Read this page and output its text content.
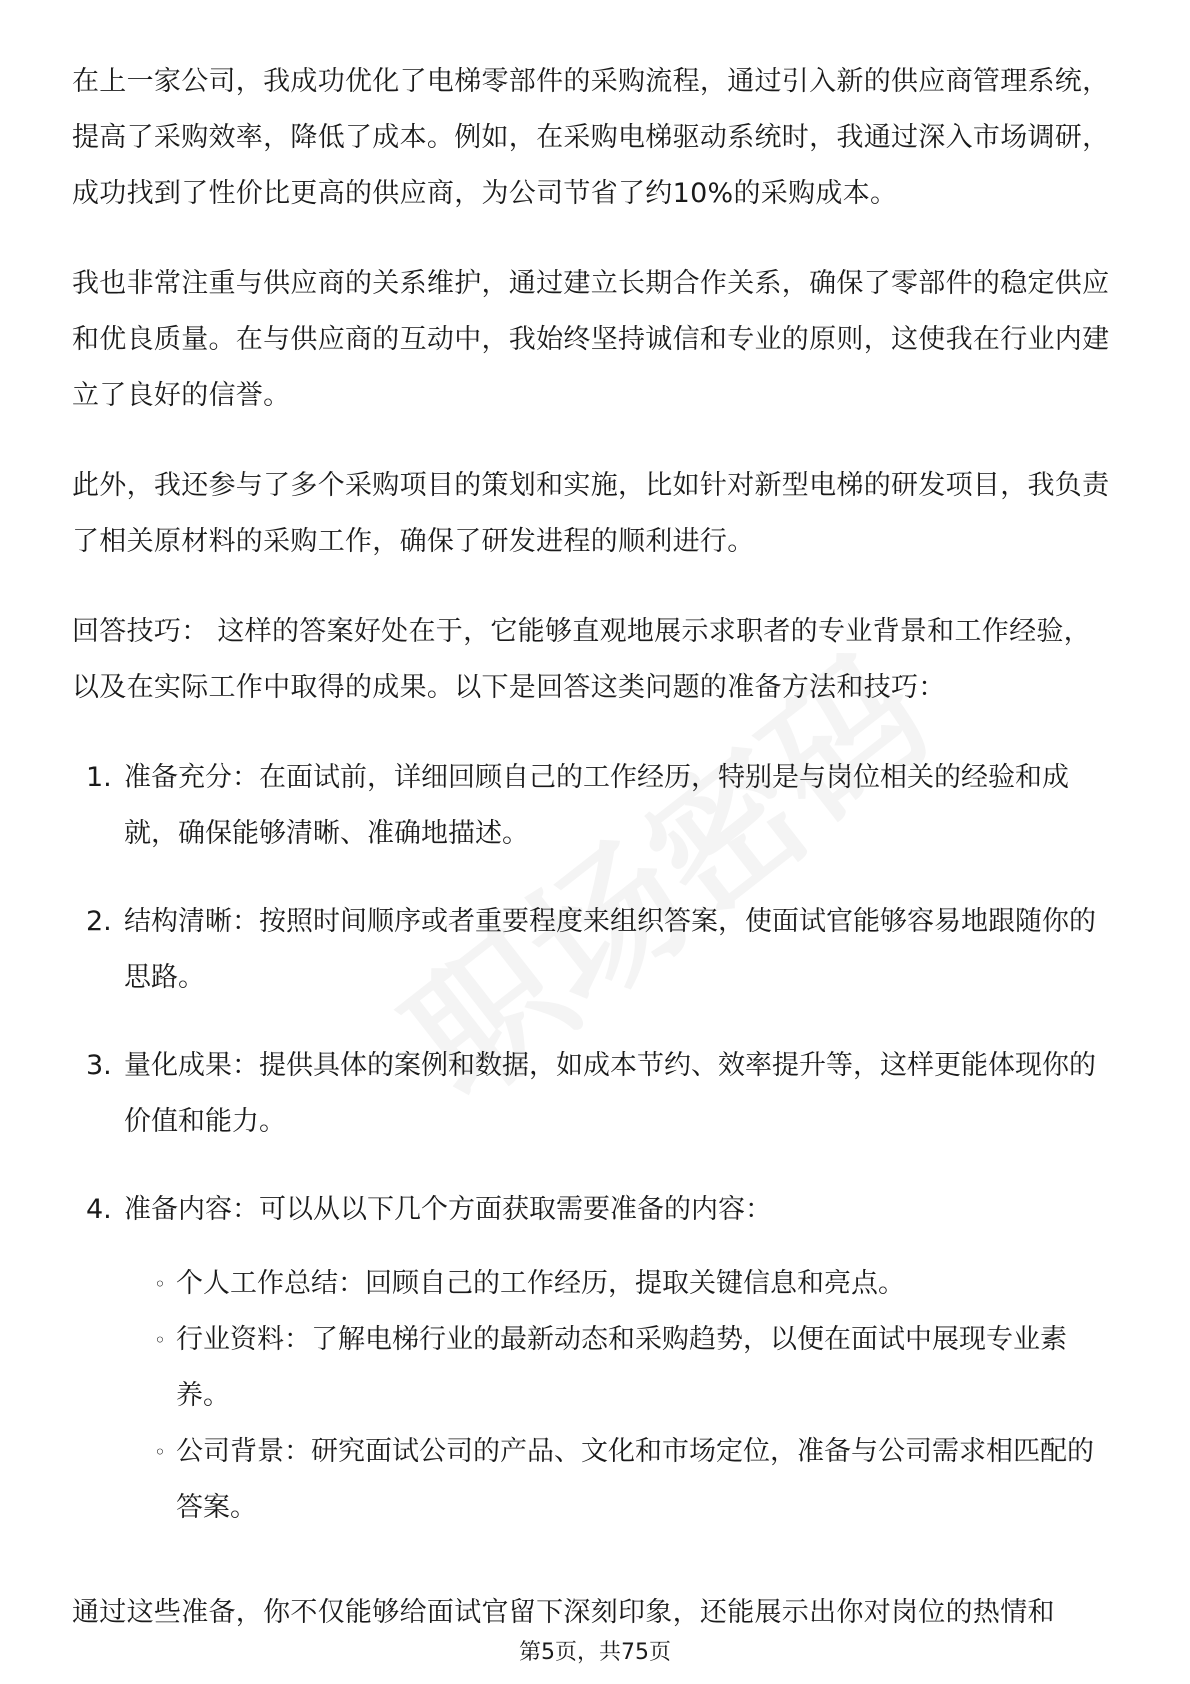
在上一家公司，我成功优化了电梯零部件的采购流程，通过引入新的供应商管理系统，提高了采购效率，降低了成本。例如，在采购电梯驱动系统时，我通过深入市场调研，成功找到了性价比更高的供应商，为公司节省了约10%的采购成本。

我也非常注重与供应商的关系维护，通过建立长期合作关系，确保了零部件的稳定供应和优良质量。在与供应商的互动中，我始终坚持诚信和专业的原则，这使我在行业内建立了良好的信誉。

此外，我还参与了多个采购项目的策划和实施，比如针对新型电梯的研发项目，我负责了相关原材料的采购工作，确保了研发进程的顺利进行。

回答技巧： 这样的答案好处在于，它能够直观地展示求职者的专业背景和工作经验，以及在实际工作中取得的成果。以下是回答这类问题的准备方法和技巧：

1. 准备充分：在面试前，详细回顾自己的工作经历，特别是与岗位相关的经验和成就，确保能够清晰、准确地描述。
2. 结构清晰：按照时间顺序或者重要程度来组织答案，使面试官能够容易地跟随你的思路。
3. 量化成果：提供具体的案例和数据，如成本节约、效率提升等，这样更能体现你的价值和能力。
4. 准备内容：可以从以下几个方面获取需要准备的内容：
◦ 个人工作总结：回顾自己的工作经历，提取关键信息和亮点。
◦ 行业资料：了解电梯行业的最新动态和采购趋势，以便在面试中展现专业素养。
◦ 公司背景：研究面试公司的产品、文化和市场定位，准备与公司需求相匹配的答案。

通过这些准备，你不仅能够给面试官留下深刻印象，还能展示出你对岗位的热情和

第5页，共75页
